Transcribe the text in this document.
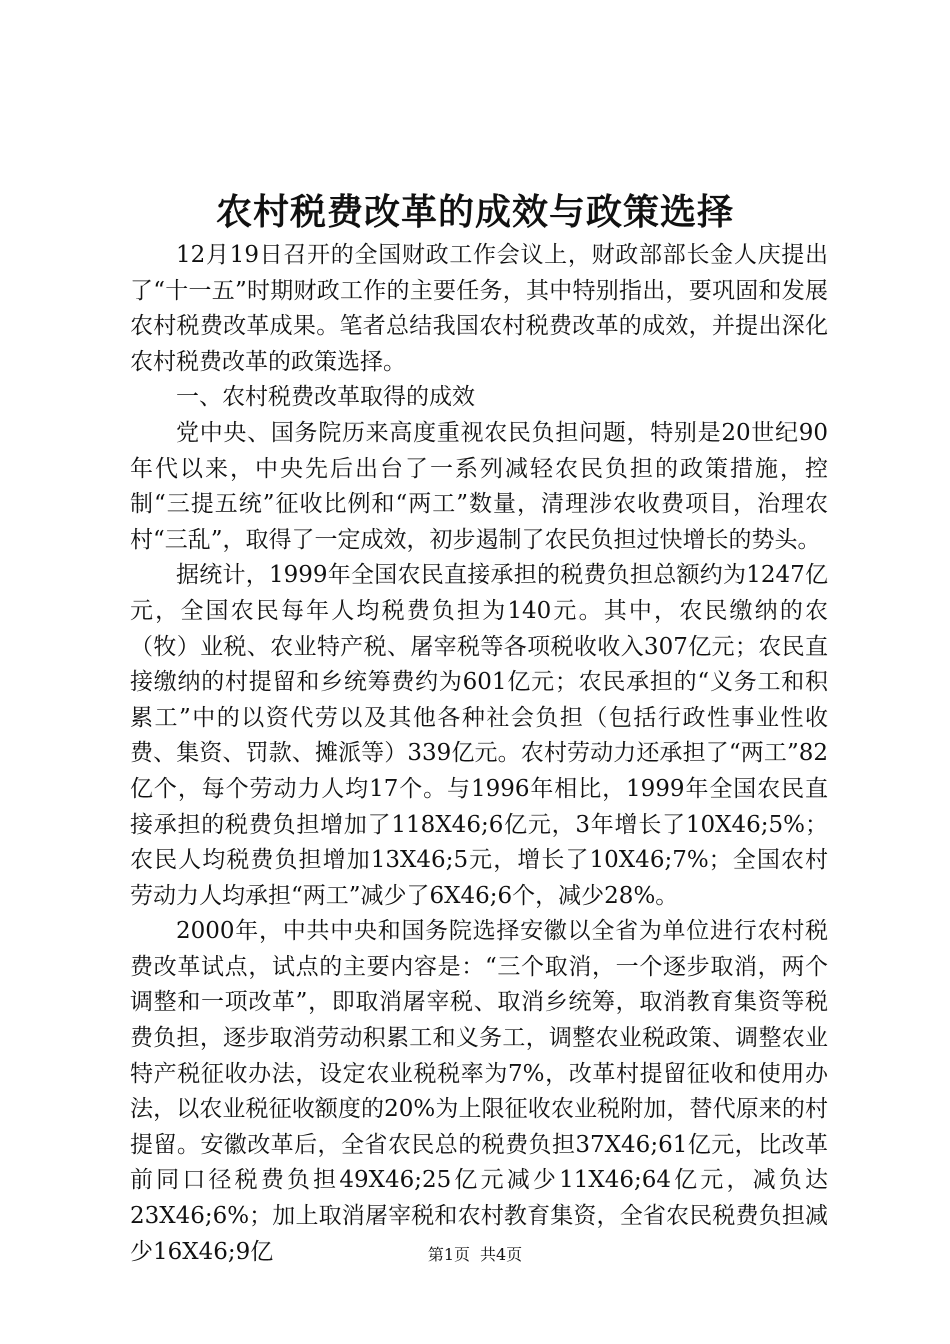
农村税费改革的成效与政策选择

12月19日召开的全国财政工作会议上，财政部部长金人庆提出了“十一五”时期财政工作的主要任务，其中特别指出，要巩固和发展农村税费改革成果。笔者总结我国农村税费改革的成效，并提出深化农村税费改革的政策选择。

一、农村税费改革取得的成效

党中央、国务院历来高度重视农民负担问题，特别是20世纪90年代以来，中央先后出台了一系列减轻农民负担的政策措施，控制“三提五统”征收比例和“两工”数量，清理涉农收费项目，治理农村“三乱”，取得了一定成效，初步遏制了农民负担过快增长的势头。

据统计，1999年全国农民直接承担的税费负担总额约为1247亿元，全国农民每年人均税费负担为140元。其中，农民缴纳的农（牧）业税、农业特产税、屠宰税等各项税收收入307亿元；农民直接缴纳的村提留和乡统筹费约为601亿元；农民承担的“义务工和积累工”中的以资代劳以及其他各种社会负担（包括行政性事业性收费、集资、罚款、摊派等）339亿元。农村劳动力还承担了“两工”82亿个，每个劳动力人均17个。与1996年相比，1999年全国农民直接承担的税费负担增加了118X46;6亿元，3年增长了10X46;5%；农民人均税费负担增加13X46;5元，增长了10X46;7%；全国农村劳动力人均承担“两工”减少了6X46;6个，减少28%。

2000年，中共中央和国务院选择安徽以全省为单位进行农村税费改革试点，试点的主要内容是：“三个取消，一个逐步取消，两个调整和一项改革”，即取消屠宰税、取消乡统筹，取消教育集资等税费负担，逐步取消劳动积累工和义务工，调整农业税政策、调整农业特产税征收办法，设定农业税税率为7%，改革村提留征收和使用办法，以农业税征收额度的20%为上限征收农业税附加，替代原来的村提留。安徽改革后，全省农民总的税费负担37X46;61亿元，比改革前同口径税费负担49X46;25亿元减少11X46;64亿元，减负达23X46;6%；加上取消屠宰税和农村教育集资，全省农民税费负担减少16X46;9亿	第1页 共4页
